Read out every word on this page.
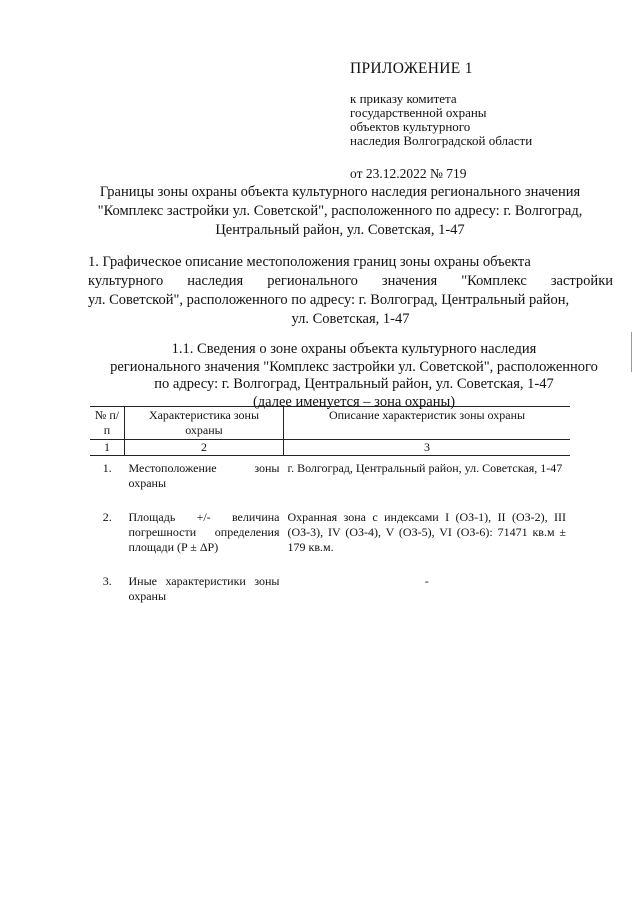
ПРИЛОЖЕНИЕ 1
к приказу комитета
государственной охраны
объектов культурного
наследия Волгоградской области
от 23.12.2022 № 719
Границы зоны охраны объекта культурного наследия регионального значения
"Комплекс застройки ул. Советской", расположенного по адресу: г. Волгоград,
Центральный район, ул. Советская, 1-47
1. Графическое описание местоположения границ зоны охраны объекта
культурного наследия регионального значения "Комплекс застройки
ул. Советской", расположенного по адресу: г. Волгоград, Центральный район,
ул. Советская, 1-47
1.1. Сведения о зоне охраны объекта культурного наследия
регионального значения "Комплекс застройки ул. Советской", расположенного
по адресу: г. Волгоград, Центральный район, ул. Советская, 1-47
(далее именуется – зона охраны)
№ п/п	Характеристика зоны охраны	Описание характеристик зоны охраны
1	2	3
1.	Местоположение зоны охраны	г. Волгоград, Центральный район, ул. Советская, 1-47
2.	Площадь +/- величина погрешности определения площади (P ± ΔP)	Охранная зона с индексами I (ОЗ-1), II (ОЗ-2), III (ОЗ-3), IV (ОЗ-4), V (ОЗ-5), VI (ОЗ-6): 71471 кв.м ± 179 кв.м.
3.	Иные характеристики зоны охраны	-
